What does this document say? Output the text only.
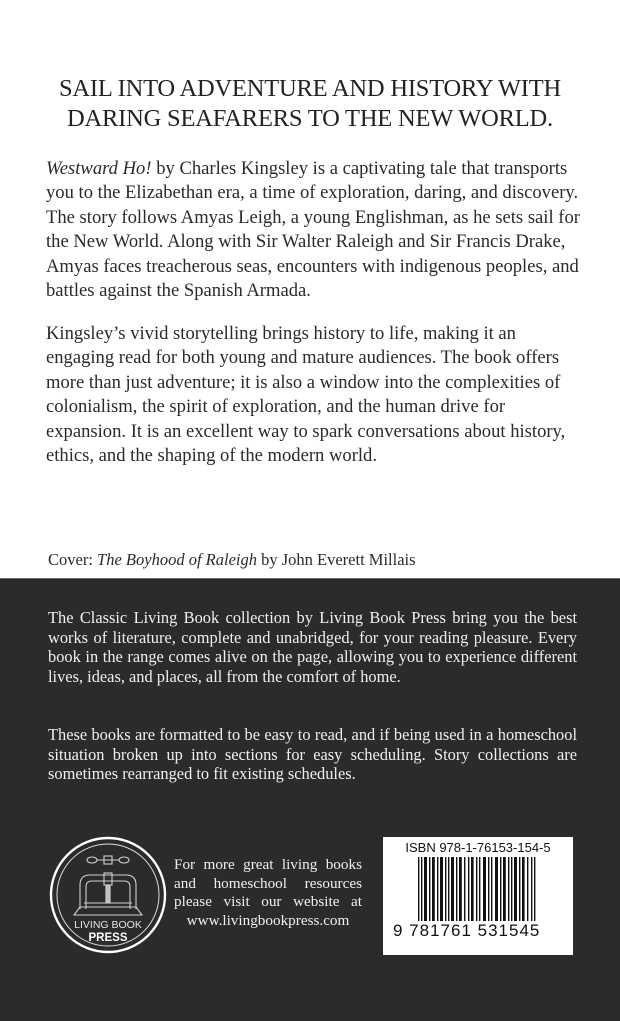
SAIL INTO ADVENTURE AND HISTORY WITH
DARING SEAFARERS TO THE NEW WORLD.
Westward Ho! by Charles Kingsley is a captivating tale that transports you to the Elizabethan era, a time of exploration, daring, and discovery. The story follows Amyas Leigh, a young Englishman, as he sets sail for the New World. Along with Sir Walter Raleigh and Sir Francis Drake, Amyas faces treacherous seas, encounters with indigenous peoples, and battles against the Spanish Armada.
Kingsley’s vivid storytelling brings history to life, making it an engaging read for both young and mature audiences. The book offers more than just adventure; it is also a window into the complexities of colonialism, the spirit of exploration, and the human drive for expansion. It is an excellent way to spark conversations about history, ethics, and the shaping of the modern world.
Cover: The Boyhood of Raleigh by John Everett Millais
The Classic Living Book collection by Living Book Press bring you the best works of literature, complete and unabridged, for your reading pleasure. Every book in the range comes alive on the page, allowing you to experience different lives, ideas, and places, all from the comfort of home.
These books are formatted to be easy to read, and if being used in a homeschool situation broken up into sections for easy scheduling. Story collections are sometimes rearranged to fit existing schedules.
LIVING BOOK
PRESS
For more great living books
and homeschool resources
please visit our website at
www.livingbookpress.com
ISBN 978-1-76153-154-5
9 781761 531545
